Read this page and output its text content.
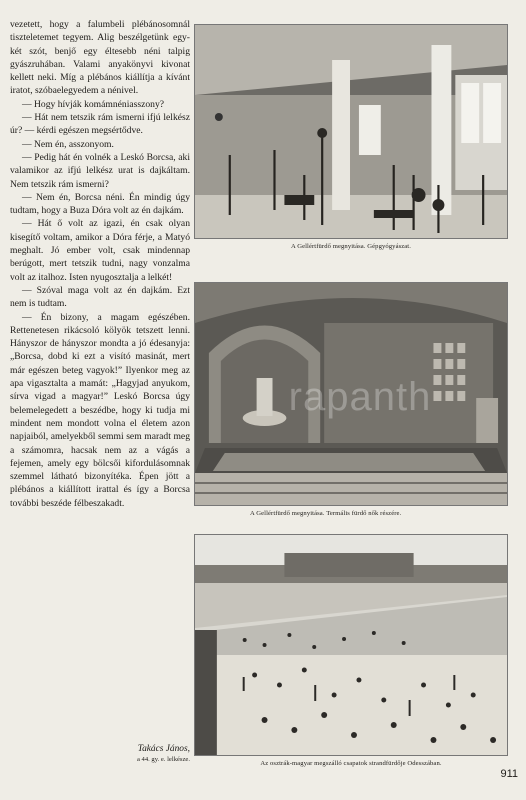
vezetett, hogy a falumbeli plébánosomnál tiszteletemet tegyem. Alig beszélgetünk egy-két szót, benjő egy éltesebb néni talpig gyászruhában. Valami anyakönyvi kivonat kellett neki. Míg a plébános kiállítja a kívánt iratot, szóbaelegyedem a nénivel.

— Hogy hívják komámnéniasszony?

— Hát nem tetszik rám ismerni ifjú lelkész úr? — kérdi egészen megsértődve.

— Nem én, asszonyom.

— Pedig hát én volnék a Leskó Borcsa, aki valamikor az ifjú lelkész urat is dajkáltam. Nem tetszik rám ismerni?

— Nem én, Borcsa néni. Én mindig úgy tudtam, hogy a Buza Dóra volt az én dajkám.

— Hát ő volt az igazi, én csak olyan kisegítő voltam, amikor a Dóra férje, a Matyó meghalt. Jó ember volt, csak mindennap berúgott, mert tetszik tudni, nagy vonzalma volt az italhoz. Isten nyugosztalja a lelkét!

— Szóval maga volt az én dajkám. Ezt nem is tudtam.

— Én bizony, a magam egészében. Rettenetesen rikácsoló kölyök tetszett lenni. Hányszor de hányszor mondta a jó édesanyja: „Borcsa, dobd ki ezt a visító masinát, mert már egészen beteg vagyok!” Ilyenkor meg az apa vigasztalta a mamát: „Hagyjad anyukom, sírva vigad a magyar!” Leskó Borcsa úgy belemelegedett a beszédbe, hogy ki tudja mi mindent nem mondott volna el életem azon napjaiból, amelyekből semmi sem maradt meg a számomra, hacsak nem az a vágás a fejemen, amely egy bölcsői kifordulásomnak szemmel látható bizonyítéka. Épen jött a plébános a kiállított irattal és így a Borcsa további beszéde félbeszakadt.

Takács János,
a 44. gy. e. lelkésze.
A Gellértfürdő megnyitása. Gépgyógyászat.
A Gellértfürdő megnyitása. Termális fürdő nők részére.
Az osztrák-magyar megszálló csapatok strandfürdője Odesszában.
rapanth
911
